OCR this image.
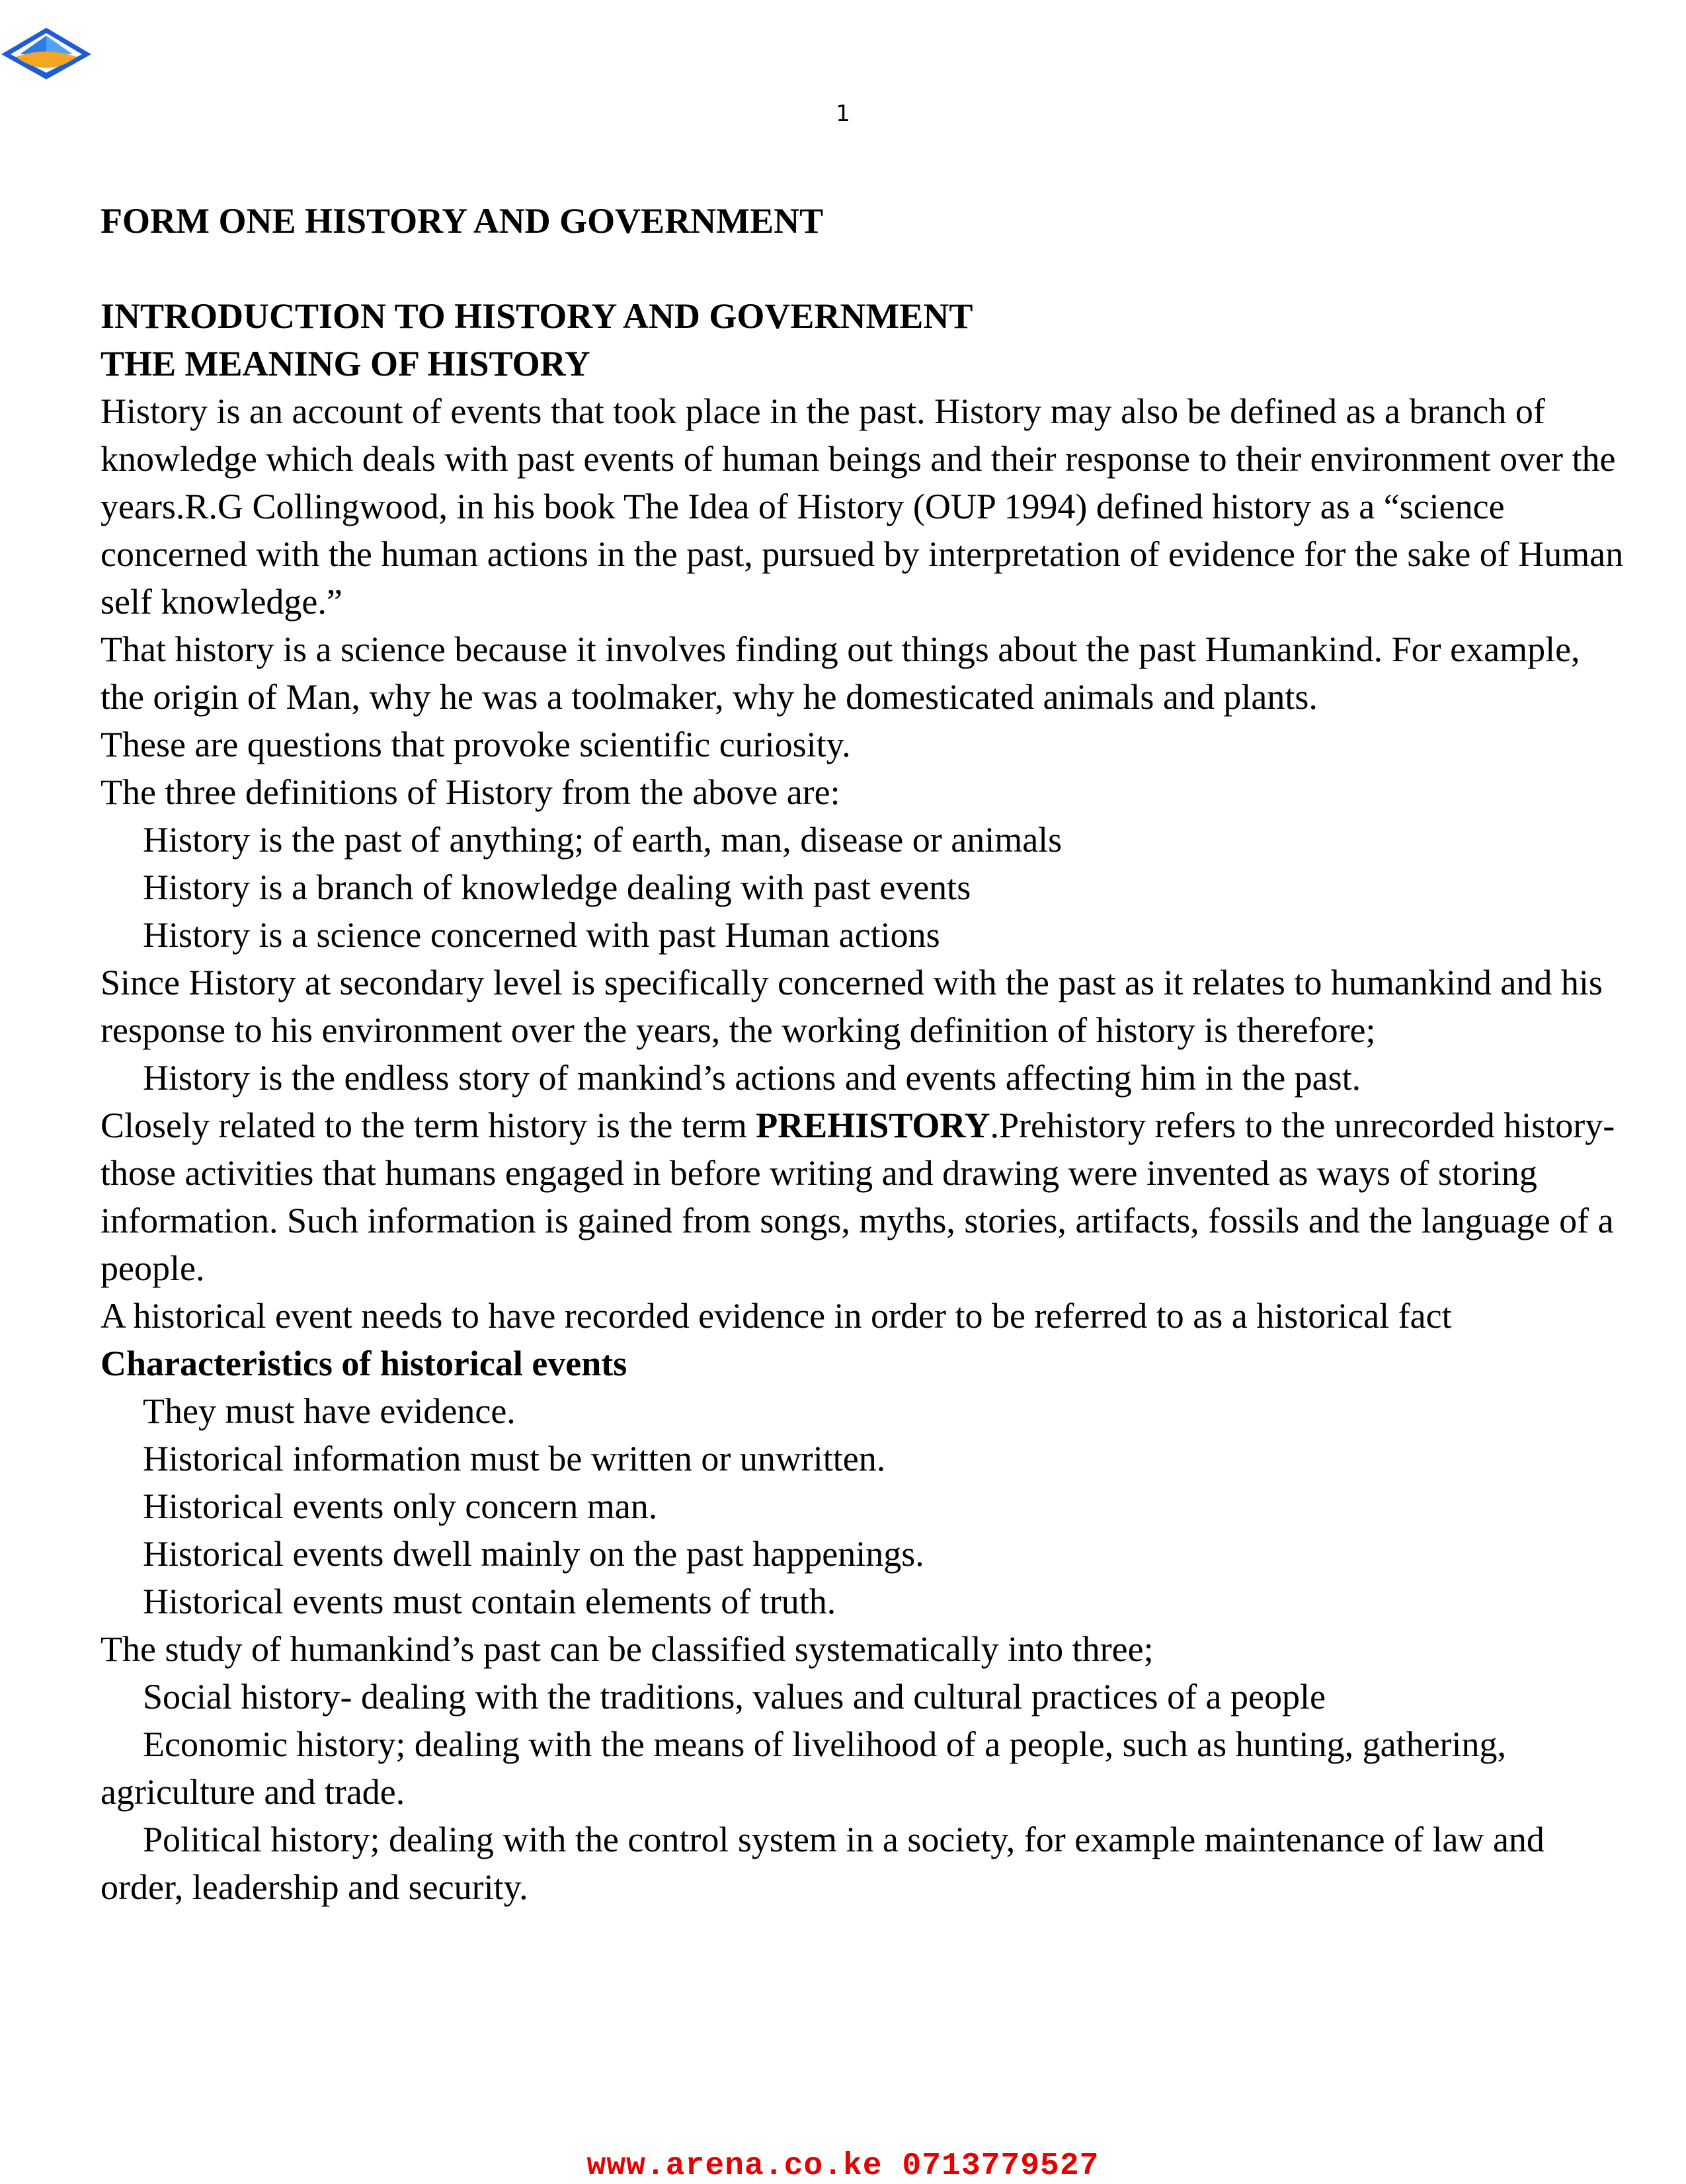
1

FORM ONE HISTORY AND GOVERNMENT

INTRODUCTION TO HISTORY AND GOVERNMENT

THE MEANING OF HISTORY

History is an account of events that took place in the past. History may also be defined as a branch of knowledge which deals with past events of human beings and their response to their environment over the years.R.G Collingwood, in his book The Idea of History (OUP 1994) defined history as a “science concerned with the human actions in the past, pursued by interpretation of evidence for the sake of Human self knowledge.”

That history is a science because it involves finding out things about the past Humankind. For example, the origin of Man, why he was a toolmaker, why he domesticated animals and plants.

These are questions that provoke scientific curiosity.

The three definitions of History from the above are:

History is the past of anything; of earth, man, disease or animals

History is a branch of knowledge dealing with past events

History is a science concerned with past Human actions

Since History at secondary level is specifically concerned with the past as it relates to humankind and his response to his environment over the years, the working definition of history is therefore;

History is the endless story of mankind’s actions and events affecting him in the past.

Closely related to the term history is the term PREHISTORY.Prehistory refers to the unrecorded history- those activities that humans engaged in before writing and drawing were invented as ways of storing information. Such information is gained from songs, myths, stories, artifacts, fossils and the language of a people.

A historical event needs to have recorded evidence in order to be referred to as a historical fact

Characteristics of historical events

They must have evidence.

Historical information must be written or unwritten.

Historical events only concern man.

Historical events dwell mainly on the past happenings.

Historical events must contain elements of truth.

The study of humankind’s past can be classified systematically into three;

Social history- dealing with the traditions, values and cultural practices of a people

Economic history; dealing with the means of livelihood of a people, such as hunting, gathering, agriculture and trade.

Political history; dealing with the control system in a society, for example maintenance of law and order, leadership and security.

www.arena.co.ke 0713779527
